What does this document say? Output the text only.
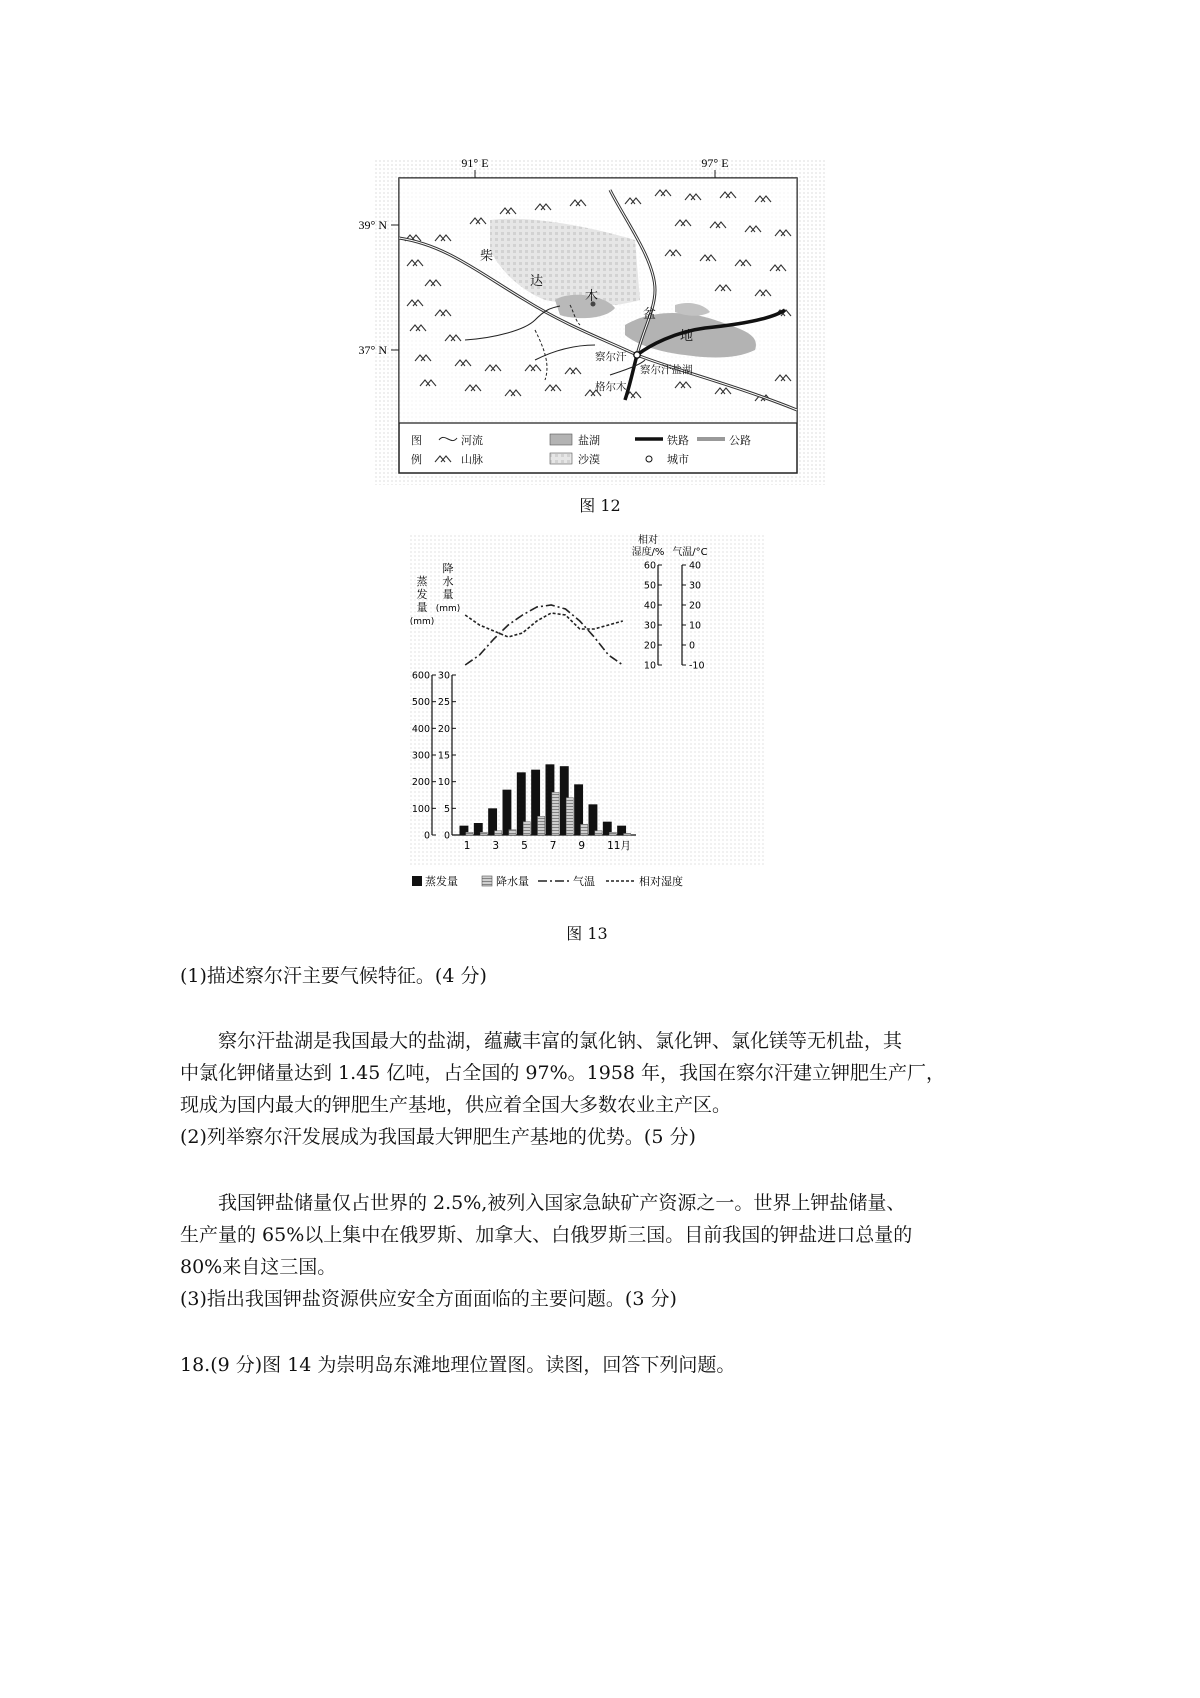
91° E	97° E
39° N
37° N
柴
达
木
盆
地
察尔汗
察尔汗盐湖
格尔木
图
例
河流	盐湖	铁路	公路
山脉	沙漠	城市
图 12
0
100
200
300
400
500
600
0
5
10
15
20
25
30
蒸
发
量
(mm)
降
水
量
(mm)
1 3 5 7 9 11月
10
20
30
40
50
60
-10
0
10
20
30
40
相对
湿度/% 气温/°C
蒸发量	降水量	气温	相对湿度
图 13
(1)描述察尔汗主要气候特征。(4 分)
察尔汗盐湖是我国最大的盐湖，蕴藏丰富的氯化钠、氯化钾、氯化镁等无机盐，其
中氯化钾储量达到 1.45 亿吨，占全国的 97%。1958 年，我国在察尔汗建立钾肥生产厂，
现成为国内最大的钾肥生产基地，供应着全国大多数农业主产区。
(2)列举察尔汗发展成为我国最大钾肥生产基地的优势。(5 分)
我国钾盐储量仅占世界的 2.5%,被列入国家急缺矿产资源之一。世界上钾盐储量、
生产量的 65%以上集中在俄罗斯、加拿大、白俄罗斯三国。目前我国的钾盐进口总量的
80%来自这三国。
(3)指出我国钾盐资源供应安全方面面临的主要问题。(3 分)
18.(9 分)图 14 为崇明岛东滩地理位置图。读图，回答下列问题。
